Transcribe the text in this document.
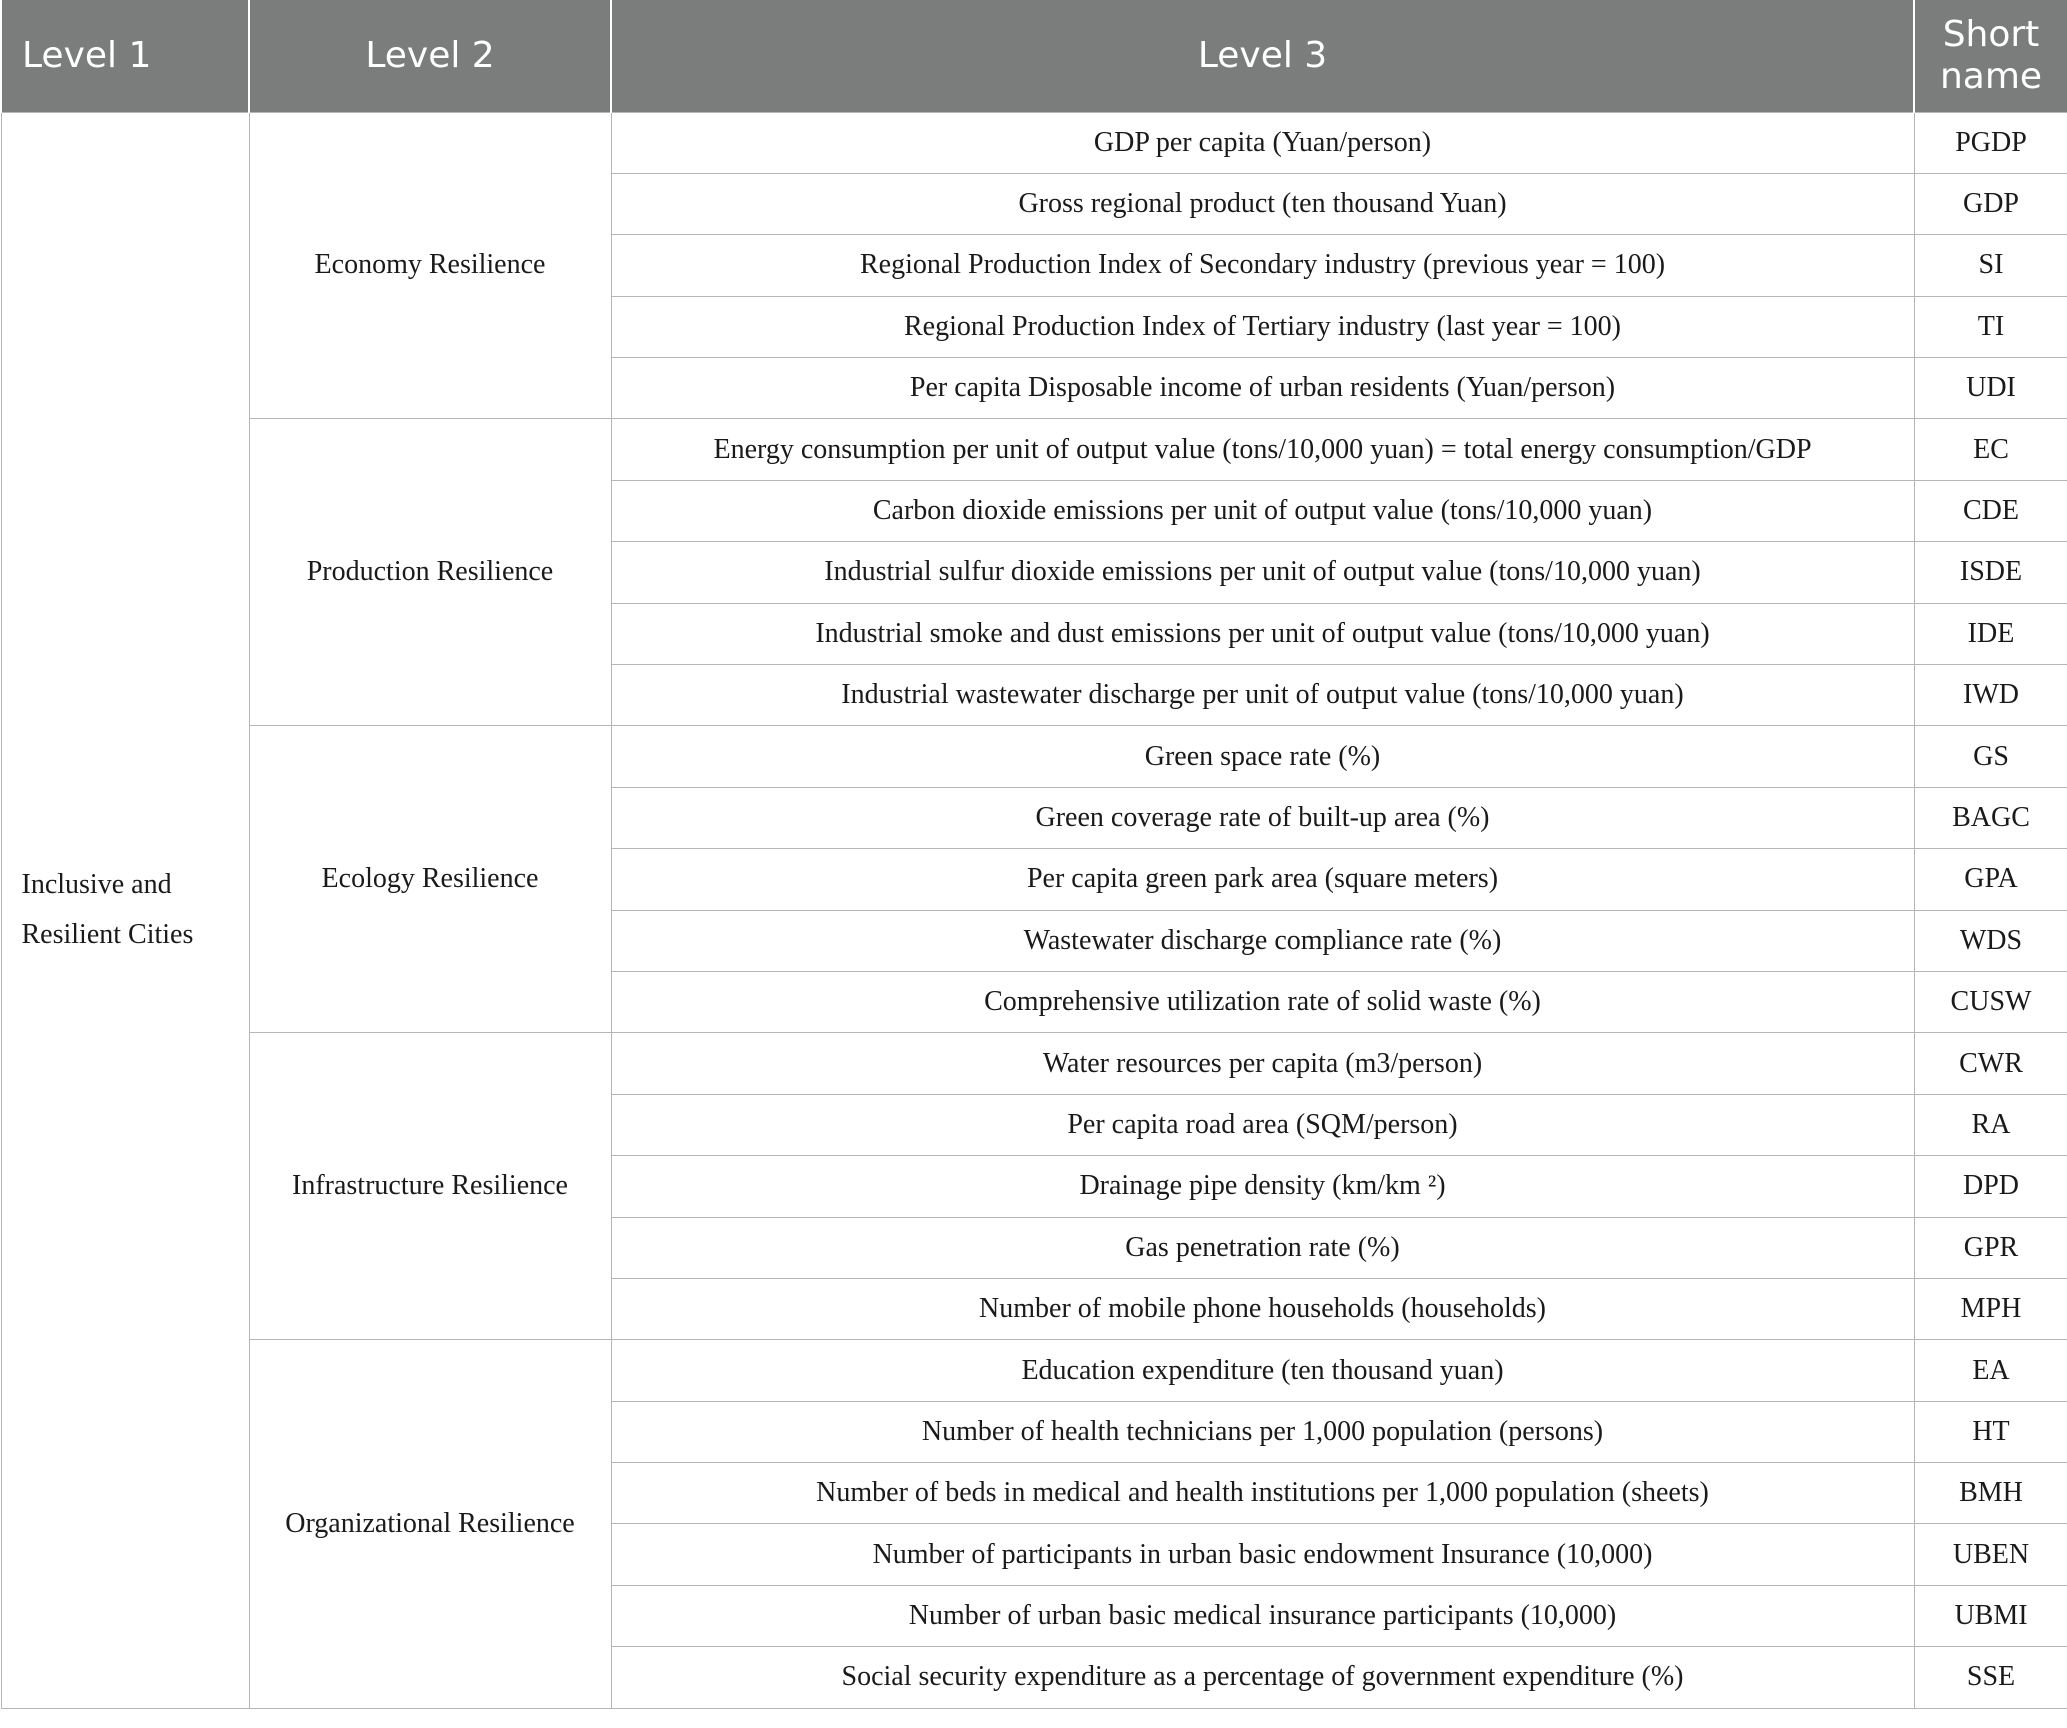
Level 1	Level 2	Level 3	Short
name

Inclusive and
Resilient Cities	Economy Resilience	GDP per capita (Yuan/person)	PGDP
		Gross regional product (ten thousand Yuan)	GDP
		Regional Production Index of Secondary industry (previous year = 100)	SI
		Regional Production Index of Tertiary industry (last year = 100)	TI
		Per capita Disposable income of urban residents (Yuan/person)	UDI
	Production Resilience	Energy consumption per unit of output value (tons/10,000 yuan) = total energy consumption/GDP	EC
		Carbon dioxide emissions per unit of output value (tons/10,000 yuan)	CDE
		Industrial sulfur dioxide emissions per unit of output value (tons/10,000 yuan)	ISDE
		Industrial smoke and dust emissions per unit of output value (tons/10,000 yuan)	IDE
		Industrial wastewater discharge per unit of output value (tons/10,000 yuan)	IWD
	Ecology Resilience	Green space rate (%)	GS
		Green coverage rate of built-up area (%)	BAGC
		Per capita green park area (square meters)	GPA
		Wastewater discharge compliance rate (%)	WDS
		Comprehensive utilization rate of solid waste (%)	CUSW
	Infrastructure Resilience	Water resources per capita (m3/person)	CWR
		Per capita road area (SQM/person)	RA
		Drainage pipe density (km/km ²)	DPD
		Gas penetration rate (%)	GPR
		Number of mobile phone households (households)	MPH
	Organizational Resilience	Education expenditure (ten thousand yuan)	EA
		Number of health technicians per 1,000 population (persons)	HT
		Number of beds in medical and health institutions per 1,000 population (sheets)	BMH
		Number of participants in urban basic endowment Insurance (10,000)	UBEN
		Number of urban basic medical insurance participants (10,000)	UBMI
		Social security expenditure as a percentage of government expenditure (%)	SSE
